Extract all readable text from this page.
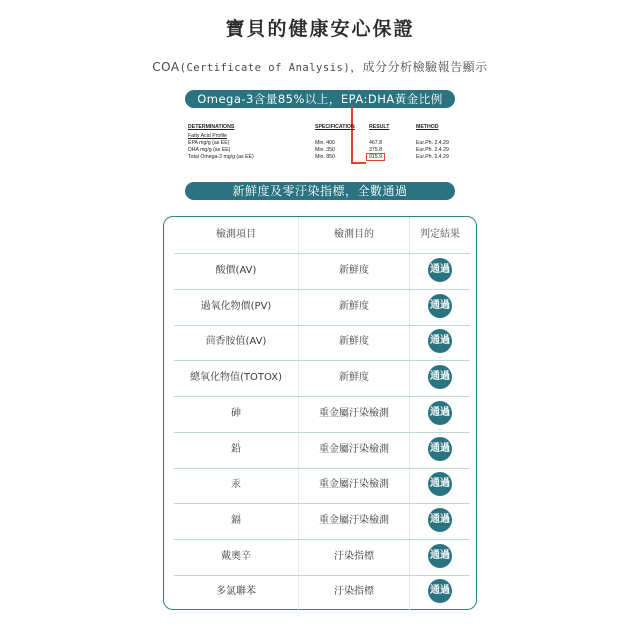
寶貝的健康安心保證
COA(Certificate of Analysis)，成分分析檢驗報告顯示
Omega-3含量85%以上，EPA:DHA黃金比例
DETERMINATIONS	SPECIFICATION	RESULT	METHOD
Fatty Acid Profile
EPA mg/g (as EE)	Min. 400	467.8	Eur.Ph. 2.4.29
DHA mg/g (as EE)	Min. 350	375.8	Eur.Ph. 2.4.29
Total Omega-3 mg/g (as EE)	Min. 850	915.9	Eur.Ph. 2.4.29
新鮮度及零汙染指標，全數通過
檢測項目	檢測目的	判定結果
酸價(AV)	新鮮度	通過
過氧化物價(PV)	新鮮度	通過
茴香胺值(AV)	新鮮度	通過
總氧化物值(TOTOX)	新鮮度	通過
砷	重金屬汙染檢測	通過
鉛	重金屬汙染檢測	通過
汞	重金屬汙染檢測	通過
鎘	重金屬汙染檢測	通過
戴奧辛	汙染指標	通過
多氯聯苯	汙染指標	通過
